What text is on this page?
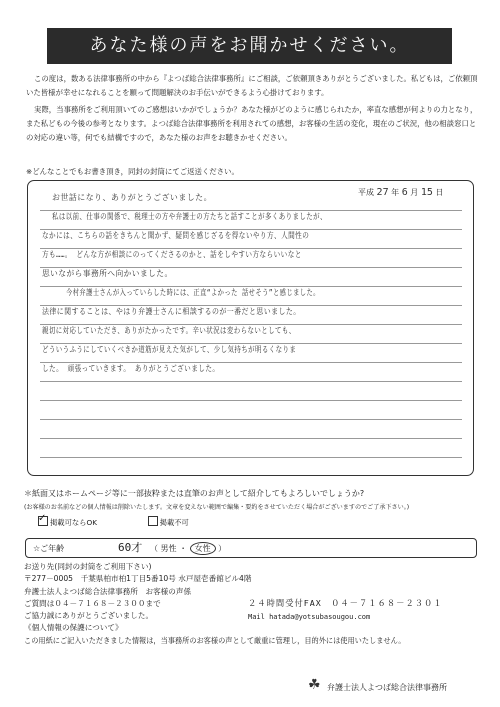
あなた様の声をお聞かせください。

この度は，数ある法律事務所の中から『よつば総合法律事務所』にご相談，ご依頼頂きありがとうございました。私どもは，ご依頼頂いた皆様が幸せになれることを願って問題解決のお手伝いができるよう心掛けております。

実際，当事務所をご利用頂いてのご感想はいかがでしょうか？あなた様がどのように感じられたか，率直な感想が何よりの力となり，また私どもの今後の参考となります。よつば総合法律事務所を利用されての感想，お客様の生活の変化，現在のご状況，他の相談窓口との対応の違い等，何でも結構ですので，あなた様のお声をお聴きかせください。

※どんなことでもお書き頂き，同封の封筒にてご返送ください。
平成 27 年 6 月 15 日
お世話になり、ありがとうございました。
私は以前、仕事の関係で、税理士の方や弁護士の方たちと話すことが多くありましたが、
なかには、こちらの話をきちんと聞かず、疑問を感じざるを得ないやり方、人間性の
方も……。 どんな方が相談にのってくださるのかと、話をしやすい方ならいいなと
思いながら事務所へ向かいました。
今村弁護士さんが入っていらした時には、正直“よかった 話せそう”と感じました。
法律に関することは、やはり弁護士さんに相談するのが一番だと思いました。
親切に対応していただき、ありがたかったです。辛い状況は変わらないとしても、
どういうふうにしていくべきか道筋が見えた気がして、少し気持ちが明るくなりま
した。 頑張っていきます。 ありがとうございました。
＊紙面又はホームページ等に一部抜粋または直筆のお声として紹介してもよろしいでしょうか?
(お客様のお名前などの個人情報は削除いたします。文章を変えない範囲で編集・要約をさせていただく場合がございますのでご了承下さい。)
✓掲載可ならOK	掲載不可
☆ご年齢	60才 （ 男性 ・ 女性 ）
お送り先(同封の封筒をご利用下さい)
〒277－0005　千葉県柏市柏1丁目5番10号 水戸屋壱番館ビル4階
弁護士法人よつば総合法律事務所　お客様の声係
ご質問は０４－７１６８－２３００まで
ご協力誠にありがとうございました。
《個人情報の保護について》
この用紙にご記入いただきました情報は，当事務所のお客様の声として厳重に管理し，目的外には使用いたしません。
２４時間受付FAX　０４－７１６８－２３０１
Mail hatada@yotsubasougou.com
☘ 弁護士法人よつば総合法律事務所
